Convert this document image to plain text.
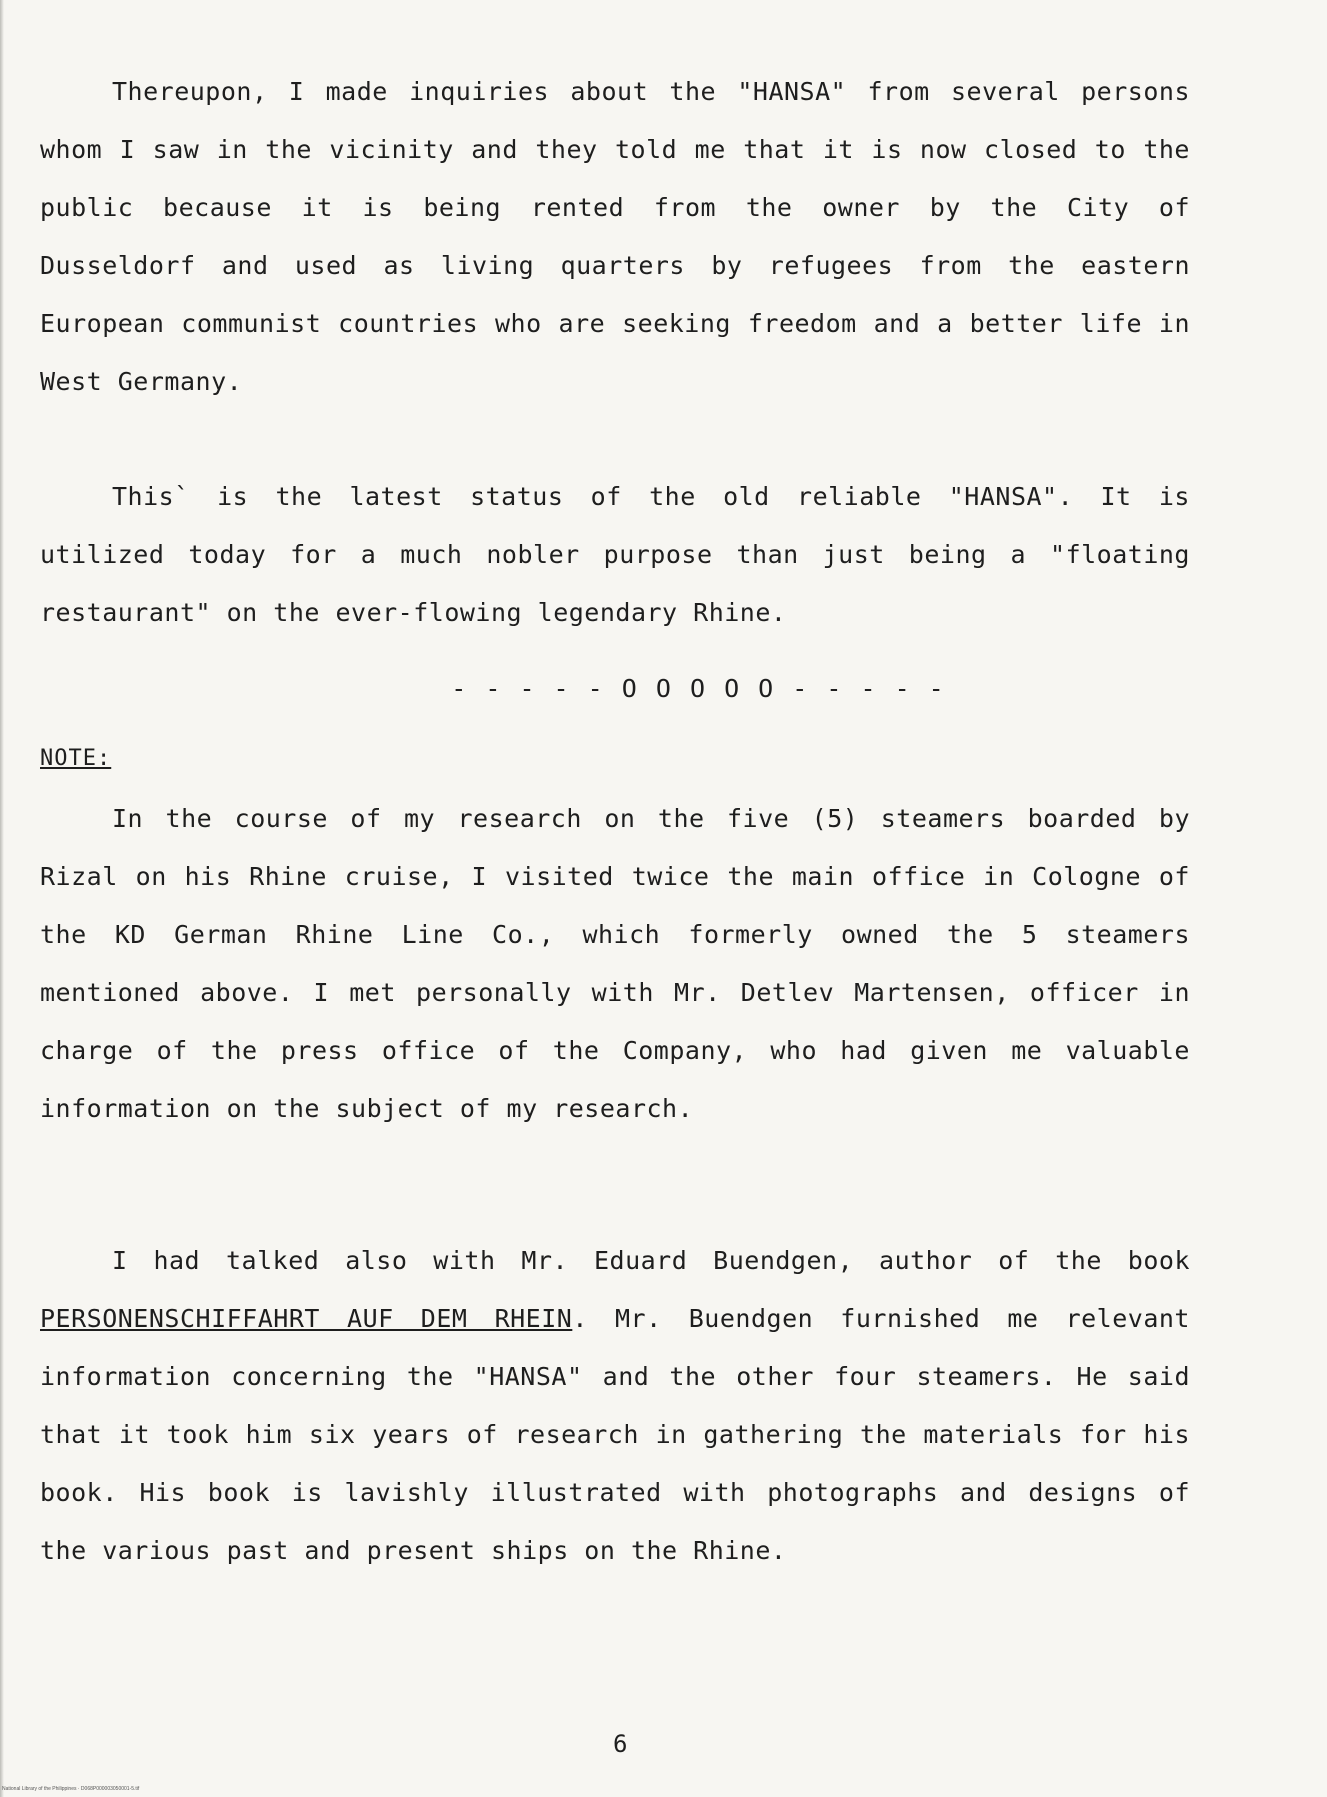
Thereupon, I made inquiries about the "HANSA" from several persons whom I saw in the vicinity and they told me that it is now closed to the public because it is being rented from the owner by the City of Dusseldorf and used as living quarters by refugees from the eastern European communist countries who are seeking freedom and a better life in West Germany.

This` is the latest status of the old reliable "HANSA". It is utilized today for a much nobler purpose than just being a "floating restaurant" on the ever-flowing legendary Rhine.

- - - - - O O O O O - - - - -
NOTE:

In the course of my research on the five (5) steamers boarded by Rizal on his Rhine cruise, I visited twice the main office in Cologne of the KD German Rhine Line Co., which formerly owned the 5 steamers mentioned above. I met personally with Mr. Detlev Martensen, officer in charge of the press office of the Company, who had given me valuable information on the subject of my research.

I had talked also with Mr. Eduard Buendgen, author of the book PERSONENSCHIFFAHRT AUF DEM RHEIN. Mr. Buendgen furnished me relevant information concerning the "HANSA" and the other four steamers. He said that it took him six years of research in gathering the materials for his book. His book is lavishly illustrated with photographs and designs of the various past and present ships on the Rhine.

6
National Library of the Philippines · D068P000003050001-5.tif
